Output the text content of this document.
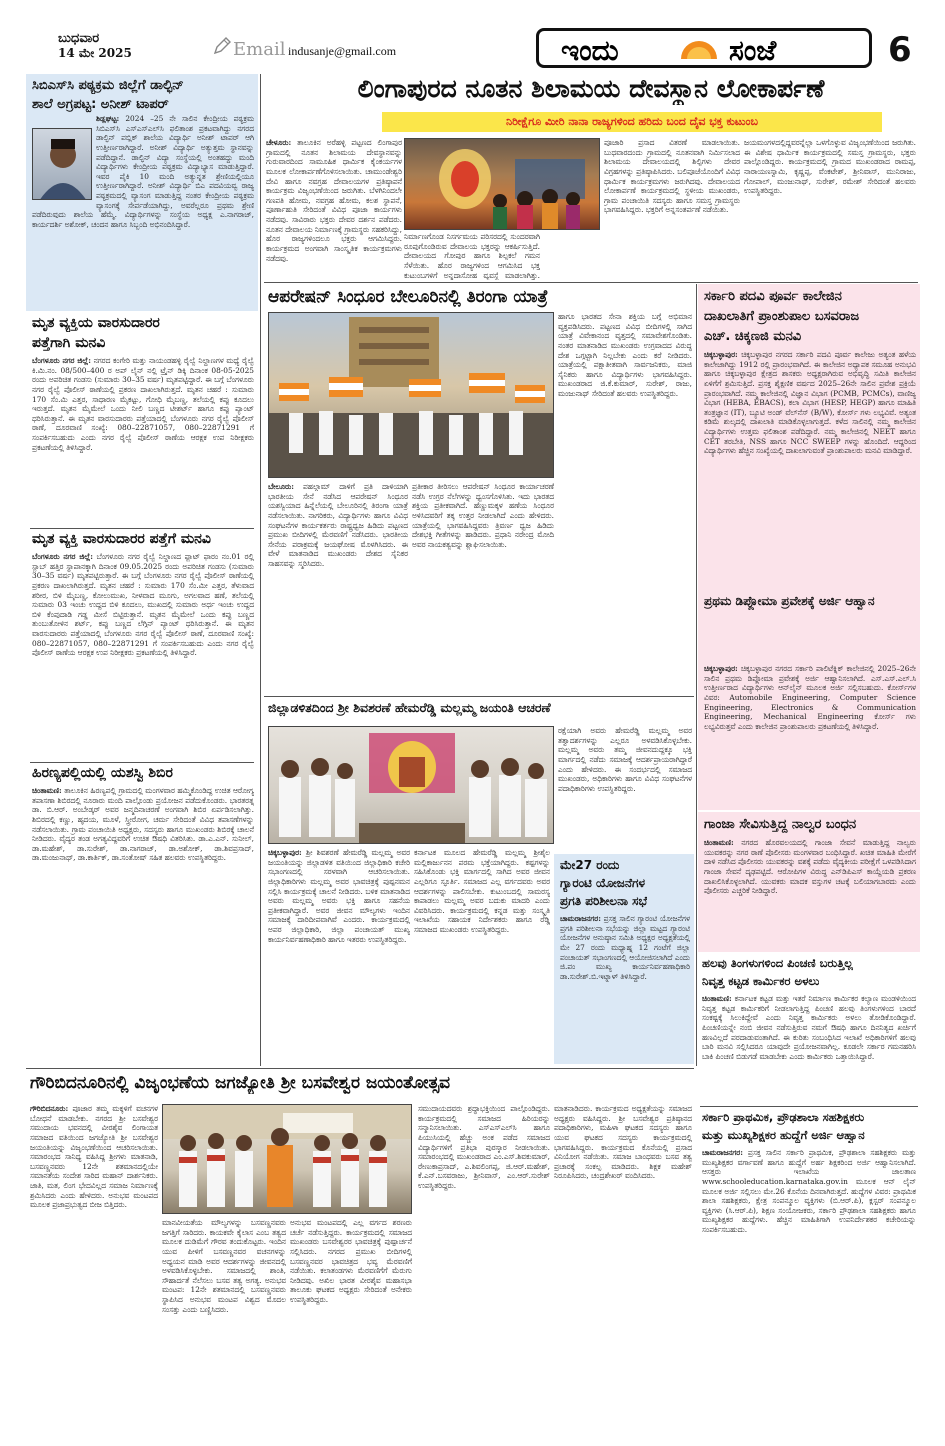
ಬುಧವಾರ
14 ಮೇ 2025	Email indusanje@gmail.com	ಇಂದು	ಸಂಜೆ	6
ಸಿಬಿಎಸ್‌ಸಿ ಪಠ್ಯಕ್ರಮ ಜಿಲ್ಲೆಗೆ ಡಾಲ್ಫಿನ್
ಶಾಲೆ ಅಗ್ರಪಟ್ಟ: ಅನೀಶ್ ಟಾಪರ್
ಶಿಡ್ಲಘಟ್ಟ: 2024 –25 ನೇ ಸಾಲಿನ ಕೇಂದ್ರೀಯ ಪಠ್ಯಕ್ರಮ ಸಿಬಿಎಸ್‌ಸಿ ಎಸ್‌ಎಸ್‌ಎಲ್‌ಸಿ ಫಲಿತಾಂಶ ಪ್ರಕಟವಾಗಿದ್ದು ನಗರದ ಡಾಲ್ಫಿನ್ ಪಬ್ಲಿಕ್ ಶಾಲೆಯ ವಿದ್ಯಾರ್ಥಿ ಅನೀಶ್ ಟಾಪರ್ ಆಗಿ ಉತ್ತೀರ್ಣರಾಗಿದ್ದಾರೆ. ಅನೀಶ್ ವಿದ್ಯಾರ್ಥಿ ಅತ್ಯುತ್ತಮ ಸ್ಥಾನವನ್ನು ಪಡೆದಿದ್ದಾನೆ. ಡಾಲ್ಫಿನ್ ವಿದ್ಯಾ ಸಂಸ್ಥೆಯಲ್ಲಿ ಅಂತಹದ್ದು ಮಂದಿ ವಿದ್ಯಾರ್ಥಿಗಳು ಕೇಂದ್ರೀಯ ಪಠ್ಯಕ್ರಮ ವಿದ್ಯಾಭ್ಯಾಸ ಮಾಡುತ್ತಿದ್ದಾರೆ. ಇವರ ಪೈಕಿ 10 ಮಂದಿ ಅತ್ಯುನ್ನತ ಶ್ರೇಣಿಯಲ್ಲಿಯೂ ಉತ್ತೀರ್ಣರಾಗಿದ್ದಾರೆ. ಅನೀಶ್ ವಿದ್ಯಾರ್ಥಿ ಬಿಎ ಪದವಿಯವ್ವ ರಾಜ್ಯ ಪಠ್ಯಕ್ರಮದಲ್ಲಿ ವ್ಯಾಸಂಗ ಮಾಡುತ್ತಿದ್ದ ನಂತರ ಕೇಂದ್ರೀಯ ಪಠ್ಯಕ್ರಮ ವ್ಯಾಸಂಗಕ್ಕೆ ಸೇರ್ಪಡೆಯಾಗಿದ್ದು, ಅವರೆಲ್ಲರೂ ಪ್ರಥಮ ಶ್ರೇಣಿ ಪಡೆದಿರುವುದು ಶಾಲೆಯ ಹೆಮ್ಮೆ. ವಿದ್ಯಾರ್ಥಿಗಳನ್ನು ಸಂಸ್ಥೆಯ ಅಧ್ಯಕ್ಷ ಎ.ನಾಗರಾಜ್, ಕಾರ್ಯದರ್ಶಿ ಅಶೋಕ್, ಚಂದನ ಹಾಗೂ ಸಿಬ್ಬಂದಿ ಅಭಿನಂದಿಸಿದ್ದಾರೆ.
ಮೃತ ವ್ಯಕ್ತಿಯ ವಾರಸುದಾರರ
ಪತ್ತೆಗಾಗಿ ಮನವಿ
ಬೆಂಗಳೂರು ನಗರ ಜಿಲ್ಲೆ: ನಗರದ ಕಂಗೇರಿ ಮತ್ತು ನಾಯಂಡಹಳ್ಳಿ ರೈಲ್ವೆ ನಿಲ್ದಾಣಗಳ ಮಧ್ಯೆ ರೈಲ್ವೆ ಕಿ.ಮಿ.ನಂ. 08/500–400 ರ ಅಪ್ ಲೈನ್ ನಲ್ಲಿ ಟ್ರೈನ್ ಡಿಕ್ಕಿ ದಿನಾಂಕ 08-05-2025 ರಂದು ಅಪರಿಚಿತ ಗಂಡಸು (ಸುಮಾರು 30–35 ವರ್ಷ) ಮೃತಪಟ್ಟಿದ್ದಾರೆ. ಈ ಬಗ್ಗೆ ಬೆಂಗಳೂರು ನಗರ ರೈಲ್ವೆ ಪೊಲೀಸ್ ಠಾಣೆಯಲ್ಲಿ ಪ್ರಕರಣ ದಾಖಲಾಗಿರುತ್ತದೆ. ಮೃತನ ಚಹರೆ : ಸುಮಾರು 170 ಸೆಂ.ಮಿ ಎತ್ತರ, ಸಾಧಾರಣ ಮೈಕಟ್ಟು, ಗೋಧಿ ಮೈಬಣ್ಣ, ತಲೆಯಲ್ಲಿ ಕಪ್ಪು ಕೂದಲು ಇರುತ್ತದೆ. ಮೃತನ ಮೈಮೇಲೆ ಒಂದು ನೀಲಿ ಬಣ್ಣದ ಟೀಶರ್ಟ್ ಹಾಗೂ ಕಪ್ಪು ಪ್ಯಾಂಟ್ ಧರಿಸಿರುತ್ತಾನೆ. ಈ ಮೃತನ ವಾರಸುದಾರರು ಪತ್ತೆಯಾದಲ್ಲಿ ಬೆಂಗಳೂರು ನಗರ ರೈಲ್ವೆ ಪೊಲೀಸ್ ಠಾಣೆ, ದೂರವಾಣಿ ಸಂಖ್ಯೆ: 080–22871057, 080–22871291 ಗೆ ಸಂಪರ್ಕಿಸಬಹುದು ಎಂದು ನಗರ ರೈಲ್ವೆ ಪೊಲೀಸ್ ಠಾಣೆಯ ಆರಕ್ಷಕ ಉಪ ನಿರೀಕ್ಷಕರು ಪ್ರಕಟಣೆಯಲ್ಲಿ ತಿಳಿಸಿದ್ದಾರೆ.
ಮೃತ ವ್ಯಕ್ತಿ ವಾರಸುದಾರರ ಪತ್ತೆಗೆ ಮನವಿ
ಬೆಂಗಳೂರು ನಗರ ಜಿಲ್ಲೆ: ಬೆಂಗಳೂರು ನಗರ ರೈಲ್ವೆ ನಿಲ್ದಾಣದ ಫ್ಲಾಟ್ ಫಾರಂ ನಂ.01 ರಲ್ಲಿ ಸ್ಲಾಬ್ ಹತ್ತಿರ ಸ್ಥಾಪಾನಕ್ಕಾಗಿ ದಿನಾಂಕ 09.05.2025 ರಂದು ಅಪರಿಚಿತ ಗಂಡಸು (ಸುಮಾರು 30–35 ವರ್ಷ) ಮೃತಪಟ್ಟಿರುತ್ತಾರೆ. ಈ ಬಗ್ಗೆ ಬೆಂಗಳೂರು ನಗರ ರೈಲ್ವೆ ಪೊಲೀಸ್ ಠಾಣೆಯಲ್ಲಿ ಪ್ರಕರಣ ದಾಖಲಾಗಿರುತ್ತದೆ. ಮೃತನ ಚಹರೆ : ಸುಮಾರು 170 ಸೆಂ.ಮೀ ಎತ್ತರ, ತೆಳುವಾದ ಶರೀರ, ಬಿಳಿ ಮೈಬಣ್ಣ, ಕೋಲುಮುಖ, ನೀಳವಾದ ಮೂಗು, ಅಗಲವಾದ ಹಣೆ, ತಲೆಯಲ್ಲಿ ಸುಮಾರು 03 ಇಂಚು ಉದ್ದದ ಬಿಳಿ ಕೂದಲು, ಮುಖದಲ್ಲಿ ಸುಮಾರು ಅರ್ಧ ಇಂಚು ಉದ್ದದ ಬಿಳಿ ಕೆಂಪುದಾಡಿ ಗಡ್ಡ ಮೀಸೆ ಬಿಟ್ಟಿರುತ್ತಾನೆ. ಮೃತನ ಮೈಮೇಲೆ ಒಂದು ಕಪ್ಪು ಬಣ್ಣದ ತುಂಬುತೋಳಿನ ಶರ್ಟ್, ಕಪ್ಪು ಬಣ್ಣದ ಲೆಗ್ಗಿನ್ ಪ್ಯಾಂಟ್ ಧರಿಸಿರುತ್ತಾನೆ. ಈ ಮೃತನ ವಾರಸುದಾರರು ಪತ್ತೆಯಾದಲ್ಲಿ ಬೆಂಗಳೂರು ನಗರ ರೈಲ್ವೆ ಪೊಲೀಸ್ ಠಾಣೆ, ದೂರವಾಣಿ ಸಂಖ್ಯೆ: 080–22871057, 080–22871291 ಗೆ ಸಂಪರ್ಕಿಸಬಹುದು ಎಂದು ನಗರ ರೈಲ್ವೆ ಪೊಲೀಸ್ ಠಾಣೆಯ ಆರಕ್ಷಕ ಉಪ ನಿರೀಕ್ಷಕರು ಪ್ರಕಟಣೆಯಲ್ಲಿ ತಿಳಿಸಿದ್ದಾರೆ.
ಹಿರಣ್ಯಪಲ್ಲಿಯಲ್ಲಿ ಯಶಸ್ವಿ ಶಿಬಿರ
ಚಿಂತಾಮಣಿ: ತಾಲೂಕಿನ ಹಿರಣ್ಯಪಲ್ಲಿ ಗ್ರಾಮದಲ್ಲಿ ಮಂಗಳವಾರ ಹಮ್ಮಿಕೊಂಡಿದ್ದ ಉಚಿತ ಆರೋಗ್ಯ ತಪಾಸಣಾ ಶಿಬಿರದಲ್ಲಿ ನೂರಾರು ಮಂದಿ ಪಾಲ್ಗೊಂಡು ಪ್ರಯೋಜನ ಪಡೆದುಕೊಂಡರು. ಭಾರತರತ್ನ ಡಾ. ಬಿ.ಆರ್. ಅಂಬೇಡ್ಕರ್ ಅವರ ಜನ್ಮದಿನಾಚರಣೆ ಅಂಗವಾಗಿ ಶಿಬಿರ ಏರ್ಪಡಿಸಲಾಗಿತ್ತು. ಶಿಬಿರದಲ್ಲಿ ಕಣ್ಣು, ಹೃದಯ, ಮೂಳೆ, ಸ್ತ್ರೀರೋಗ, ಚರ್ಮ ಸೇರಿದಂತೆ ವಿವಿಧ ತಪಾಸಣೆಗಳನ್ನು ನಡೆಸಲಾಯಿತು. ಗ್ರಾಮ ಪಂಚಾಯಿತಿ ಅಧ್ಯಕ್ಷರು, ಸದಸ್ಯರು ಹಾಗೂ ಮುಖಂಡರು ಶಿಬಿರಕ್ಕೆ ಚಾಲನೆ ನೀಡಿದರು. ವೈದ್ಯರ ತಂಡ ಅಗತ್ಯವಿದ್ದವರಿಗೆ ಉಚಿತ ಔಷಧಿ ವಿತರಿಸಿತು. ಡಾ.ಎ.ಎನ್. ಸುನೀಲ್, ಡಾ.ಮಹೇಶ್, ಡಾ.ಸುರೇಶ್, ಡಾ.ನಾಗರಾಜ್, ಡಾ.ಅಶೋಕ್, ಡಾ.ಶಿವಪ್ರಸಾದ್, ಡಾ.ಮಂಜುನಾಥ್, ಡಾ.ಕಾರ್ತಿಕ್, ಡಾ.ಸಂತೋಷ್ ಸಹಿತ ಹಲವರು ಉಪಸ್ಥಿತರಿದ್ದರು.
ಲಿಂಗಾಪುರದ ನೂತನ ಶಿಲಾಮಯ ದೇವಸ್ಥಾನ ಲೋಕಾರ್ಪಣೆ
ನಿರೀಕ್ಷೆಗೂ ಮೀರಿ ನಾನಾ ರಾಜ್ಯಗಳಿಂದ ಹರಿದು ಬಂದ ದೈವ ಭಕ್ತ ಕುಟುಂಬ
ಚೇಳೂರು: ತಾಲೂಕಿನ ಅರೆಹಳ್ಳಿ ಪಟ್ಟಣದ ಲಿಂಗಾಪುರ ಗ್ರಾಮದಲ್ಲಿ ನೂತನ ಶಿಲಾಮಯ ದೇವಸ್ಥಾನವನ್ನು ಗುರುವಾರದಿಂದ ಸಾಮೂಹಿಕ ಧಾರ್ಮಿಕ ಕೈಂಕರ್ಯಗಳ ಮೂಲಕ ಲೋಕಾರ್ಪಣೆಗೊಳಿಸಲಾಯಿತು. ಚಾಮುಂಡೇಶ್ವರಿ ದೇವಿ ಹಾಗೂ ನವಗ್ರಹ ದೇವಾಲಯಗಳ ಪ್ರತಿಷ್ಠಾಪನೆ ಕಾರ್ಯಕ್ರಮ ವಿಜೃಂಭಣೆಯಿಂದ ಜರುಗಿತು. ಬೆಳಗಿನಿಂದಲೇ ಗಣಪತಿ ಹೋಮ, ನವಗ್ರಹ ಹೋಮ, ಕಲಶ ಸ್ಥಾಪನೆ, ಪೂರ್ಣಾಹುತಿ ಸೇರಿದಂತೆ ವಿವಿಧ ಪೂಜಾ ಕಾರ್ಯಗಳು ನಡೆದವು. ಸಾವಿರಾರು ಭಕ್ತರು ದೇವರ ದರ್ಶನ ಪಡೆದರು. ನೂತನ ದೇವಾಲಯ ನಿರ್ಮಾಣಕ್ಕೆ ಗ್ರಾಮಸ್ಥರು ಸಹಕರಿಸಿದ್ದು, ಹೊರ ರಾಜ್ಯಗಳಿಂದಲೂ ಭಕ್ತರು ಆಗಮಿಸಿದ್ದರು. ಕಾರ್ಯಕ್ರಮದ ಅಂಗವಾಗಿ ಸಾಂಸ್ಕೃತಿಕ ಕಾರ್ಯಕ್ರಮಗಳು ನಡೆದವು.
ನಿರ್ಮಾಣಗೊಂಡ ನಿಸರ್ಗಮಯ ಪರಿಸರದಲ್ಲಿ ಸುಂದರವಾಗಿ ರೂಪುಗೊಂಡಿರುವ ದೇವಾಲಯ ಭಕ್ತರನ್ನು ಆಕರ್ಷಿಸುತ್ತಿದೆ. ದೇವಾಲಯದ ಗೋಪುರ ಹಾಗೂ ಶಿಲ್ಪಕಲೆ ಗಮನ ಸೆಳೆಯಿತು. ಹೊರ ರಾಜ್ಯಗಳಿಂದ ಆಗಮಿಸಿದ ಭಕ್ತ ಕುಟುಂಬಗಳಿಗೆ ಅನ್ನದಾಸೋಹ ವ್ಯವಸ್ಥೆ ಮಾಡಲಾಗಿತ್ತು.
ಪೂಜಾರಿ ಪ್ರಸಾದ ವಿತರಣೆ ಮಾಡಲಾಯಿತು. ಬುಧವಾರದಂದು ಗ್ರಾಮದಲ್ಲಿ ನೂತನವಾಗಿ ನಿರ್ಮಿಸಲಾದ ಶಿಲಾಮಯ ದೇವಾಲಯದಲ್ಲಿ ಶಿಲ್ಪಿಗಳು ದೇವರ ವಿಗ್ರಹಗಳನ್ನು ಪ್ರತಿಷ್ಠಾಪಿಸಿದರು. ಬಲಿಪೂಜೆಯೊಂದಿಗೆ ವಿವಿಧ ಧಾರ್ಮಿಕ ಕಾರ್ಯಕ್ರಮಗಳು ಜರುಗಿದವು. ದೇವಾಲಯದ ಲೋಕಾರ್ಪಣೆ ಕಾರ್ಯಕ್ರಮದಲ್ಲಿ ಸ್ಥಳೀಯ ಮುಖಂಡರು, ಗ್ರಾಮ ಪಂಚಾಯಿತಿ ಸದಸ್ಯರು ಹಾಗೂ ಸಮಸ್ತ ಗ್ರಾಮಸ್ಥರು ಭಾಗವಹಿಸಿದ್ದರು. ಭಕ್ತರಿಗೆ ಅನ್ನಸಂತರ್ಪಣೆ ನಡೆಯಿತು.
ಜಯಮಂಗಳದಲ್ಲಿದ್ದವರನ್ನೆಲ್ಲಾ ಒಳಗೊಳ್ಳುವ ವಿಜೃಂಭಣೆಯಿಂದ ಜರುಗಿತು. ಈ ವಿಶೇಷ ಧಾರ್ಮಿಕ ಕಾರ್ಯಕ್ರಮದಲ್ಲಿ ಸಮಸ್ತ ಗ್ರಾಮಸ್ಥರು, ಭಕ್ತರು ಪಾಲ್ಗೊಂಡಿದ್ದರು. ಕಾರ್ಯಕ್ರಮದಲ್ಲಿ ಗ್ರಾಮದ ಮುಖಂಡರಾದ ರಾಮಪ್ಪ, ನಾರಾಯಣಸ್ವಾಮಿ, ಕೃಷ್ಣಪ್ಪ, ವೆಂಕಟೇಶ್, ಶ್ರೀನಿವಾಸ್, ಮುನಿರಾಜು, ಗೋಪಾಲ್, ಮಂಜುನಾಥ್, ಸುರೇಶ್, ರಮೇಶ್ ಸೇರಿದಂತೆ ಹಲವರು ಉಪಸ್ಥಿತರಿದ್ದರು.
ಆಪರೇಷನ್ ಸಿಂಧೂರ ಬೇಲೂರಿನಲ್ಲಿ ತಿರಂಗಾ ಯಾತ್ರೆ
ಬೇಲೂರು: ಪಹಲ್ಗಾಮ್ ದಾಳಿಗೆ ಪ್ರತಿ ದಾಳಿಯಾಗಿ ಭಾರತೀಯ ಸೇನೆ ನಡೆಸಿದ ಆಪರೇಷನ್ ಸಿಂಧೂರ ಯಶಸ್ವಿಯಾದ ಹಿನ್ನೆಲೆಯಲ್ಲಿ ಬೇಲೂರಿನಲ್ಲಿ ತಿರಂಗಾ ಯಾತ್ರೆ ನಡೆಸಲಾಯಿತು. ನಾಗರಿಕರು, ವಿದ್ಯಾರ್ಥಿಗಳು ಹಾಗೂ ವಿವಿಧ ಸಂಘಟನೆಗಳ ಕಾರ್ಯಕರ್ತರು ರಾಷ್ಟ್ರಧ್ವಜ ಹಿಡಿದು ಪಟ್ಟಣದ ಪ್ರಮುಖ ಬೀದಿಗಳಲ್ಲಿ ಮೆರವಣಿಗೆ ನಡೆಸಿದರು. ಭಾರತೀಯ ಸೇನೆಯ ಪರಾಕ್ರಮಕ್ಕೆ ಜಯಘೋಷ ಮೊಳಗಿಸಿದರು. ಈ ವೇಳೆ ಮಾತನಾಡಿದ ಮುಖಂಡರು ದೇಶದ ಸೈನಿಕರ ಸಾಹಸವನ್ನು ಸ್ಮರಿಸಿದರು.
ಪ್ರತೀಕಾರ ತೀರಿಸಲು ಆಪರೇಷನ್ ಸಿಂಧೂರ ಕಾರ್ಯಾಚರಣೆ ನಡೆಸಿ ಉಗ್ರರ ನೆಲೆಗಳನ್ನು ಧ್ವಂಸಗೊಳಿಸಿತು. ಇದು ಭಾರತದ ಶಕ್ತಿಯ ಪ್ರತೀಕವಾಗಿದೆ. ಹೆಣ್ಣುಮಕ್ಕಳ ಹಣೆಯ ಸಿಂಧೂರ ಅಳಿಸಿದವರಿಗೆ ತಕ್ಕ ಉತ್ತರ ನೀಡಲಾಗಿದೆ ಎಂದು ಹೇಳಿದರು. ಯಾತ್ರೆಯಲ್ಲಿ ಭಾಗವಹಿಸಿದ್ದವರು ತ್ರಿವರ್ಣ ಧ್ವಜ ಹಿಡಿದು ದೇಶಭಕ್ತಿ ಗೀತೆಗಳನ್ನು ಹಾಡಿದರು. ಪ್ರಧಾನಿ ನರೇಂದ್ರ ಮೋದಿ ಅವರ ನಾಯಕತ್ವವನ್ನು ಶ್ಲಾಘಿಸಲಾಯಿತು.
ಹಾಗೂ ಭಾರತದ ಸೇನಾ ಶಕ್ತಿಯ ಬಗ್ಗೆ ಅಭಿಮಾನ ವ್ಯಕ್ತಪಡಿಸಿದರು. ಪಟ್ಟಣದ ವಿವಿಧ ಬೀದಿಗಳಲ್ಲಿ ಸಾಗಿದ ಯಾತ್ರೆ ವಿವೇಕಾನಂದ ವೃತ್ತದಲ್ಲಿ ಸಮಾವೇಶಗೊಂಡಿತು. ನಂತರ ಮಾತನಾಡಿದ ಮುಖಂಡರು ಉಗ್ರವಾದದ ವಿರುದ್ಧ ದೇಶ ಒಗ್ಗಟ್ಟಾಗಿ ನಿಲ್ಲಬೇಕು ಎಂದು ಕರೆ ನೀಡಿದರು. ಯಾತ್ರೆಯಲ್ಲಿ ಪಕ್ಷಾತೀತವಾಗಿ ಸಾರ್ವಜನಿಕರು, ಮಾಜಿ ಸೈನಿಕರು ಹಾಗೂ ವಿದ್ಯಾರ್ಥಿಗಳು ಭಾಗವಹಿಸಿದ್ದರು. ಮುಖಂಡರಾದ ಜಿ.ಕೆ.ಕುಮಾರ್, ಸುರೇಶ್, ರಾಜು, ಮಂಜುನಾಥ್ ಸೇರಿದಂತೆ ಹಲವರು ಉಪಸ್ಥಿತರಿದ್ದರು.
ಜಿಲ್ಲಾಡಳಿತದಿಂದ ಶ್ರೀ ಶಿವಶರಣೆ ಹೇಮರೆಡ್ಡಿ ಮಲ್ಲಮ್ಮ ಜಯಂತಿ ಆಚರಣೆ
ರಕ್ಷೆಯಾಗಿ ಅವರು ಹೇಮರೆಡ್ಡಿ ಮಲ್ಲಮ್ಮ ಅವರ ತತ್ವಾದರ್ಶಗಳನ್ನು ಎಲ್ಲರೂ ಅಳವಡಿಸಿಕೊಳ್ಳಬೇಕು. ಮಲ್ಲಮ್ಮ ಅವರು ತಮ್ಮ ಜೀವನದುದ್ದಕ್ಕೂ ಭಕ್ತಿ ಮಾರ್ಗದಲ್ಲಿ ನಡೆದು ಸಮಾಜಕ್ಕೆ ಆದರ್ಶಪ್ರಾಯರಾಗಿದ್ದಾರೆ ಎಂದು ಹೇಳಿದರು. ಈ ಸಂದರ್ಭದಲ್ಲಿ ಸಮಾಜದ ಮುಖಂಡರು, ಅಧಿಕಾರಿಗಳು ಹಾಗೂ ವಿವಿಧ ಸಂಘಟನೆಗಳ ಪದಾಧಿಕಾರಿಗಳು ಉಪಸ್ಥಿತರಿದ್ದರು.
ಚಿಕ್ಕಬಳ್ಳಾಪುರ: ಶ್ರೀ ಶಿವಶರಣೆ ಹೇಮರೆಡ್ಡಿ ಮಲ್ಲಮ್ಮ ಅವರ ಜಯಂತಿಯನ್ನು ಜಿಲ್ಲಾಡಳಿತ ವತಿಯಿಂದ ಜಿಲ್ಲಾಧಿಕಾರಿ ಕಚೇರಿ ಸಭಾಂಗಣದಲ್ಲಿ ಸರಳವಾಗಿ ಆಚರಿಸಲಾಯಿತು. ಜಿಲ್ಲಾಧಿಕಾರಿಗಳು ಮಲ್ಲಮ್ಮ ಅವರ ಭಾವಚಿತ್ರಕ್ಕೆ ಪುಷ್ಪನಮನ ಸಲ್ಲಿಸಿ ಕಾರ್ಯಕ್ರಮಕ್ಕೆ ಚಾಲನೆ ನೀಡಿದರು. ಬಳಿಕ ಮಾತನಾಡಿದ ಅವರು ಮಲ್ಲಮ್ಮ ಅವರು ಭಕ್ತಿ ಹಾಗೂ ಸಹನೆಯ ಪ್ರತೀಕವಾಗಿದ್ದಾರೆ. ಅವರ ಜೀವನ ಮೌಲ್ಯಗಳು ಇಂದಿನ ಸಮಾಜಕ್ಕೆ ದಾರಿದೀಪವಾಗಿವೆ ಎಂದರು. ಕಾರ್ಯಕ್ರಮದಲ್ಲಿ ಅಪರ ಜಿಲ್ಲಾಧಿಕಾರಿ, ಜಿಲ್ಲಾ ಪಂಚಾಯತ್ ಮುಖ್ಯ ಕಾರ್ಯನಿರ್ವಹಣಾಧಿಕಾರಿ ಹಾಗೂ ಇತರರು ಉಪಸ್ಥಿತರಿದ್ದರು.
ಕರ್ನಾಟಕ ಮೂಲದ ಹೇಮರೆಡ್ಡಿ ಮಲ್ಲಮ್ಮ ಶ್ರೀಶೈಲ ಮಲ್ಲಿಕಾರ್ಜುನನ ಪರಮ ಭಕ್ತೆಯಾಗಿದ್ದರು. ಕಷ್ಟಗಳನ್ನು ಸಹಿಸಿಕೊಂಡು ಭಕ್ತಿ ಮಾರ್ಗದಲ್ಲಿ ಸಾಗಿದ ಅವರ ಜೀವನ ಎಲ್ಲರಿಗೂ ಸ್ಫೂರ್ತಿ. ಸಮಾಜದ ಎಲ್ಲ ವರ್ಗದವರು ಅವರ ಆದರ್ಶಗಳನ್ನು ಪಾಲಿಸಬೇಕು. ಕುಟುಂಬದಲ್ಲಿ ಸಾಮರಸ್ಯ ಕಾಪಾಡಲು ಮಲ್ಲಮ್ಮ ಅವರ ಬದುಕು ಮಾದರಿ ಎಂದು ವಿವರಿಸಿದರು. ಕಾರ್ಯಕ್ರಮದಲ್ಲಿ ಕನ್ನಡ ಮತ್ತು ಸಂಸ್ಕೃತಿ ಇಲಾಖೆಯ ಸಹಾಯಕ ನಿರ್ದೇಶಕರು ಹಾಗೂ ರೆಡ್ಡಿ ಸಮಾಜದ ಮುಖಂಡರು ಉಪಸ್ಥಿತರಿದ್ದರು.
ಮೇ27 ರಂದು
ಗ್ಯಾರಂಟಿ ಯೋಜನೆಗಳ
ಪ್ರಗತಿ ಪರಿಶೀಲನಾ ಸಭೆ
ಚಾಮರಾಜನಗರ: ಪ್ರಸಕ್ತ ಸಾಲಿನ ಗ್ಯಾರಂಟಿ ಯೋಜನೆಗಳ ಪ್ರಗತಿ ಪರಿಶೀಲನಾ ಸಭೆಯನ್ನು ಜಿಲ್ಲಾ ಮಟ್ಟದ ಗ್ಯಾರಂಟಿ ಯೋಜನೆಗಳ ಅನುಷ್ಠಾನ ಸಮಿತಿ ಅಧ್ಯಕ್ಷರ ಅಧ್ಯಕ್ಷತೆಯಲ್ಲಿ ಮೇ 27 ರಂದು ಮಧ್ಯಾಹ್ನ 12 ಗಂಟೆಗೆ ಜಿಲ್ಲಾ ಪಂಚಾಯತ್ ಸಭಾಂಗಣದಲ್ಲಿ ಆಯೋಜಿಸಲಾಗಿದೆ ಎಂದು ಜಿ.ಪಂ ಮುಖ್ಯ ಕಾರ್ಯನಿರ್ವಹಣಾಧಿಕಾರಿ ಡಾ.ಸುರೇಶ್.ಬಿ.ಇಟ್ನಾಳ್ ತಿಳಿಸಿದ್ದಾರೆ.
ಸರ್ಕಾರಿ ಪದವಿ ಪೂರ್ವ ಕಾಲೇಜಿನ
ದಾಖಲಾತಿಗೆ ಪ್ರಾಂಶುಪಾಲ ಬಸವರಾಜ
ಎಚ್. ಚಿಕ್ಕಣಜಿ ಮನವಿ
ಚಿಕ್ಕಬಳ್ಳಾಪುರ: ಚಿಕ್ಕಬಳ್ಳಾಪುರ ನಗರದ ಸರ್ಕಾರಿ ಪದವಿ ಪೂರ್ವ ಕಾಲೇಜು ಅತ್ಯಂತ ಹಳೆಯ ಕಾಲೇಜಾಗಿದ್ದು 1912 ರಲ್ಲಿ ಪ್ರಾರಂಭವಾಗಿದೆ. ಈ ಕಾಲೇಜಿನ ಅಧ್ಯಾಪಕ ಸಮೂಹ ಅನುಭವಿ ಹಾಗೂ ಚಿಕ್ಕಬಳ್ಳಾಪುರ ಕ್ಷೇತ್ರದ ಶಾಸಕರು ಅಧ್ಯಕ್ಷರಾಗಿರುವ ಅಭಿವೃದ್ಧಿ ಸಮಿತಿ ಕಾಲೇಜಿನ ಏಳಿಗೆಗೆ ಶ್ರಮಿಸುತ್ತಿದೆ. ಪ್ರಸಕ್ತ ಶೈಕ್ಷಣಿಕ ವರ್ಷದ 2025–26ನೇ ಸಾಲಿನ ಪ್ರವೇಶ ಪ್ರಕ್ರಿಯೆ ಪ್ರಾರಂಭವಾಗಿದೆ. ನಮ್ಮ ಕಾಲೇಜಿನಲ್ಲಿ ವಿಜ್ಞಾನ ವಿಭಾಗ (PCMB, PCMCs), ವಾಣಿಜ್ಯ ವಿಭಾಗ (HEBA, EBACS), ಕಲಾ ವಿಭಾಗ (HESP, HEGP) ಹಾಗೂ ಮಾಹಿತಿ ತಂತ್ರಜ್ಞಾನ (IT), ಬ್ಯೂಟಿ ಅಂಡ್ ವೆಲ್‌ನೆಸ್ (B/W), ಕೋರ್ಸ್ ಗಳು ಲಭ್ಯವಿವೆ. ಅತ್ಯಂತ ಕಡಿಮೆ ಶುಲ್ಕದಲ್ಲಿ ದಾಖಲಾತಿ ಮಾಡಿಕೊಳ್ಳಲಾಗುತ್ತದೆ. ಕಳೆದ ಸಾಲಿನಲ್ಲಿ ನಮ್ಮ ಕಾಲೇಜಿನ ವಿದ್ಯಾರ್ಥಿಗಳು ಉತ್ತಮ ಫಲಿತಾಂಶ ಪಡೆದಿದ್ದಾರೆ. ನಮ್ಮ ಕಾಲೇಜಿನಲ್ಲಿ NEET ಹಾಗೂ CET ತರಬೇತಿ, NSS ಹಾಗೂ NCC SWEEP ಗಳನ್ನು ಹೊಂದಿದೆ. ಆದ್ದರಿಂದ ವಿದ್ಯಾರ್ಥಿಗಳು ಹೆಚ್ಚಿನ ಸಂಖ್ಯೆಯಲ್ಲಿ ದಾಖಲಾಗುವಂತೆ ಪ್ರಾಂಶುಪಾಲರು ಮನವಿ ಮಾಡಿದ್ದಾರೆ.
ಪ್ರಥಮ ಡಿಪ್ಲೋಮಾ ಪ್ರವೇಶಕ್ಕೆ ಅರ್ಜಿ ಆಹ್ವಾನ
ಚಿಕ್ಕಬಳ್ಳಾಪುರ: ಚಿಕ್ಕಬಳ್ಳಾಪುರ ನಗರದ ಸರ್ಕಾರಿ ಪಾಲಿಟೆಕ್ನಿಕ್ ಕಾಲೇಜಿನಲ್ಲಿ 2025–26ನೇ ಸಾಲಿನ ಪ್ರಥಮ ಡಿಪ್ಲೋಮಾ ಪ್ರವೇಶಕ್ಕೆ ಅರ್ಜಿ ಆಹ್ವಾನಿಸಲಾಗಿದೆ. ಎಸ್.ಎಸ್.ಎಲ್.ಸಿ ಉತ್ತೀರ್ಣರಾದ ವಿದ್ಯಾರ್ಥಿಗಳು ಆನ್‌ಲೈನ್ ಮೂಲಕ ಅರ್ಜಿ ಸಲ್ಲಿಸಬಹುದು. ಕೋರ್ಸ್‌ಗಳ ವಿವರ: Automobile Engineering, Computer Science Engineering, Electronics & Communication Engineering, Mechanical Engineering ಕೋರ್ಸ್ ಗಳು ಲಭ್ಯವಿರುತ್ತವೆ ಎಂದು ಕಾಲೇಜಿನ ಪ್ರಾಂಶುಪಾಲರು ಪ್ರಕಟಣೆಯಲ್ಲಿ ತಿಳಿಸಿದ್ದಾರೆ.
ಗಾಂಜಾ ಸೇವಿಸುತ್ತಿದ್ದ ನಾಲ್ವರ ಬಂಧನ
ಚಿಂತಾಮಣಿ: ನಗರದ ಹೊರವಲಯದಲ್ಲಿ ಗಾಂಜಾ ಸೇವನೆ ಮಾಡುತ್ತಿದ್ದ ನಾಲ್ವರು ಯುವಕರನ್ನು ನಗರ ಠಾಣೆ ಪೊಲೀಸರು ಮಂಗಳವಾರ ಬಂಧಿಸಿದ್ದಾರೆ. ಖಚಿತ ಮಾಹಿತಿ ಮೇರೆಗೆ ದಾಳಿ ನಡೆಸಿದ ಪೊಲೀಸರು ಯುವಕರನ್ನು ವಶಕ್ಕೆ ಪಡೆದು ವೈದ್ಯಕೀಯ ಪರೀಕ್ಷೆಗೆ ಒಳಪಡಿಸಿದಾಗ ಗಾಂಜಾ ಸೇವನೆ ದೃಢಪಟ್ಟಿದೆ. ಆರೋಪಿಗಳ ವಿರುದ್ಧ ಎನ್‌ಡಿಪಿಎಸ್ ಕಾಯ್ದೆಯಡಿ ಪ್ರಕರಣ ದಾಖಲಿಸಿಕೊಳ್ಳಲಾಗಿದೆ. ಯುವಕರು ಮಾದಕ ವಸ್ತುಗಳ ಚಟಕ್ಕೆ ಬಲಿಯಾಗಬಾರದು ಎಂದು ಪೊಲೀಸರು ಎಚ್ಚರಿಕೆ ನೀಡಿದ್ದಾರೆ.
ಹಲವು ತಿಂಗಳುಗಳಿಂದ ಪಿಂಚಣಿ ಬರುತ್ತಿಲ್ಲ
ನಿವೃತ್ತ ಕಟ್ಟಡ ಕಾರ್ಮಿಕರ ಅಳಲು
ಚಿಂತಾಮಣಿ: ಕರ್ನಾಟಕ ಕಟ್ಟಡ ಮತ್ತು ಇತರೆ ನಿರ್ಮಾಣ ಕಾರ್ಮಿಕರ ಕಲ್ಯಾಣ ಮಂಡಳಿಯಿಂದ ನಿವೃತ್ತ ಕಟ್ಟಡ ಕಾರ್ಮಿಕರಿಗೆ ನೀಡಲಾಗುತ್ತಿದ್ದ ಪಿಂಚಣಿ ಹಲವು ತಿಂಗಳುಗಳಿಂದ ಬಾರದೆ ಸಂಕಷ್ಟಕ್ಕೆ ಸಿಲುಕಿದ್ದೇವೆ ಎಂದು ನಿವೃತ್ತ ಕಾರ್ಮಿಕರು ಅಳಲು ತೋಡಿಕೊಂಡಿದ್ದಾರೆ. ಪಿಂಚಣಿಯನ್ನೇ ನಂಬಿ ಜೀವನ ನಡೆಸುತ್ತಿರುವ ನಮಗೆ ಔಷಧಿ ಹಾಗೂ ದಿನನಿತ್ಯದ ಖರ್ಚಿಗೆ ಹಣವಿಲ್ಲದೆ ಪರದಾಡುವಂತಾಗಿದೆ. ಈ ಕುರಿತು ಸಂಬಂಧಿಸಿದ ಇಲಾಖೆ ಅಧಿಕಾರಿಗಳಿಗೆ ಹಲವು ಬಾರಿ ಮನವಿ ಸಲ್ಲಿಸಿದರೂ ಯಾವುದೇ ಪ್ರಯೋಜನವಾಗಿಲ್ಲ. ಕೂಡಲೇ ಸರ್ಕಾರ ಗಮನಹರಿಸಿ ಬಾಕಿ ಪಿಂಚಣಿ ಬಿಡುಗಡೆ ಮಾಡಬೇಕು ಎಂದು ಕಾರ್ಮಿಕರು ಒತ್ತಾಯಿಸಿದ್ದಾರೆ.
ಸರ್ಕಾರಿ ಪ್ರಾಥಮಿಕ, ಪ್ರೌಢಶಾಲಾ ಸಹಶಿಕ್ಷಕರು
ಮತ್ತು ಮುಖ್ಯಶಿಕ್ಷಕರ ಹುದ್ದೆಗೆ ಅರ್ಜಿ ಆಹ್ವಾನ
ಚಾಮರಾಜನಗರ: ಪ್ರಸಕ್ತ ಸಾಲಿನ ಸರ್ಕಾರಿ ಪ್ರಾಥಮಿಕ, ಪ್ರೌಢಶಾಲಾ ಸಹಶಿಕ್ಷಕರು ಮತ್ತು ಮುಖ್ಯಶಿಕ್ಷಕರ ವರ್ಗಾವಣೆ ಹಾಗೂ ಹುದ್ದೆಗೆ ಅರ್ಹ ಶಿಕ್ಷಕರಿಂದ ಅರ್ಜಿ ಆಹ್ವಾನಿಸಲಾಗಿದೆ. ಆಸಕ್ತರು ಇಲಾಖೆಯ ಜಾಲತಾಣ www.schooleducation.karnataka.gov.in ಮೂಲಕ ಆನ್ ಲೈನ್ ಮೂಲಕ ಅರ್ಜಿ ಸಲ್ಲಿಸಲು ಮೇ.26 ಕೊನೆಯ ದಿನವಾಗಿರುತ್ತದೆ. ಹುದ್ದೆಗಳ ವಿವರ: ಪ್ರಾಥಮಿಕ ಶಾಲಾ ಸಹಶಿಕ್ಷಕರು, ಕ್ಷೇತ್ರ ಸಂಪನ್ಮೂಲ ವ್ಯಕ್ತಿಗಳು (ಬಿ.ಆರ್.ಪಿ), ಕ್ಲಸ್ಟರ್ ಸಂಪನ್ಮೂಲ ವ್ಯಕ್ತಿಗಳು (ಸಿ.ಆರ್.ಪಿ), ಶಿಕ್ಷಣ ಸಂಯೋಜಕರು, ಸರ್ಕಾರಿ ಪ್ರೌಢಶಾಲಾ ಸಹಶಿಕ್ಷಕರು ಹಾಗೂ ಮುಖ್ಯಶಿಕ್ಷಕರ ಹುದ್ದೆಗಳು. ಹೆಚ್ಚಿನ ಮಾಹಿತಿಗಾಗಿ ಉಪನಿರ್ದೇಶಕರ ಕಚೇರಿಯನ್ನು ಸಂಪರ್ಕಿಸಬಹುದು.
ಗೌರಿಬಿದನೂರಿನಲ್ಲಿ ವಿಜೃಂಭಣೆಯ ಜಗಜ್ಯೋತಿ ಶ್ರೀ ಬಸವೇಶ್ವರ ಜಯಂತೋತ್ಸವ
ಗೌರಿಬಿದನೂರು: ಪೂಜಾರ ತಮ್ಮ ಮಕ್ಕಳಿಗೆ ವಚನಗಳ ಬೋಧನೆ ಮಾಡಬೇಕು. ನಗರದ ಶ್ರೀ ಬಸವೇಶ್ವರ ಸಮುದಾಯ ಭವನದಲ್ಲಿ ವೀರಶೈವ ಲಿಂಗಾಯತ ಸಮಾಜದ ವತಿಯಿಂದ ಜಗಜ್ಯೋತಿ ಶ್ರೀ ಬಸವೇಶ್ವರ ಜಯಂತಿಯನ್ನು ವಿಜೃಂಭಣೆಯಿಂದ ಆಚರಿಸಲಾಯಿತು. ಸಮಾರಂಭದ ಸಾನಿಧ್ಯ ವಹಿಸಿದ್ದ ಶ್ರೀಗಳು ಮಾತನಾಡಿ, ಬಸವಣ್ಣನವರು 12ನೇ ಶತಮಾನದಲ್ಲಿಯೇ ಸಮಾನತೆಯ ಸಂದೇಶ ಸಾರಿದ ಮಹಾನ್ ದಾರ್ಶನಿಕರು. ಜಾತಿ, ಮತ, ಲಿಂಗ ಭೇದವಿಲ್ಲದ ಸಮಾಜ ನಿರ್ಮಾಣಕ್ಕೆ ಶ್ರಮಿಸಿದರು ಎಂದು ಹೇಳಿದರು. ಅನುಭವ ಮಂಟಪದ ಮೂಲಕ ಪ್ರಜಾಪ್ರಭುತ್ವದ ಬೀಜ ಬಿತ್ತಿದರು.
ಮಾನವೀಯತೆಯ ಮೌಲ್ಯಗಳನ್ನು ಬಸವಣ್ಣನವರು ಜಗತ್ತಿಗೆ ಸಾರಿದರು. ಕಾಯಕವೇ ಕೈಲಾಸ ಎಂಬ ತತ್ವದ ಮೂಲಕ ದುಡಿಮೆಗೆ ಗೌರವ ತಂದುಕೊಟ್ಟರು. ಇಂದಿನ ಯುವ ಪೀಳಿಗೆ ಬಸವಣ್ಣನವರ ವಚನಗಳನ್ನು ಅಧ್ಯಯನ ಮಾಡಿ ಅವರ ಆದರ್ಶಗಳನ್ನು ಜೀವನದಲ್ಲಿ ಅಳವಡಿಸಿಕೊಳ್ಳಬೇಕು. ಸಮಾಜದಲ್ಲಿ ಶಾಂತಿ, ಸೌಹಾರ್ದತೆ ನೆಲೆಸಲು ಬಸವ ತತ್ವ ಅಗತ್ಯ. ಅನುಭವ ಮಂಟಪ: 12ನೇ ಶತಮಾನದಲ್ಲಿ ಬಸವಣ್ಣನವರು ಸ್ಥಾಪಿಸಿದ ಅನುಭವ ಮಂಟಪ ವಿಶ್ವದ ಮೊದಲ ಸಂಸತ್ತು ಎಂದು ಬಣ್ಣಿಸಿದರು.
ಅನುಭವ ಮಂಟಪದಲ್ಲಿ ಎಲ್ಲ ವರ್ಗದ ಶರಣರು ಚರ್ಚೆ ನಡೆಸುತ್ತಿದ್ದರು. ಕಾರ್ಯಕ್ರಮದಲ್ಲಿ ಸಮಾಜದ ಮುಖಂಡರು ಬಸವೇಶ್ವರರ ಭಾವಚಿತ್ರಕ್ಕೆ ಪುಷ್ಪಾರ್ಚನೆ ಸಲ್ಲಿಸಿದರು. ನಗರದ ಪ್ರಮುಖ ಬೀದಿಗಳಲ್ಲಿ ಬಸವಣ್ಣನವರ ಭಾವಚಿತ್ರದ ಭವ್ಯ ಮೆರವಣಿಗೆ ನಡೆಯಿತು. ಕಲಾತಂಡಗಳು ಮೆರವಣಿಗೆಗೆ ಮೆರುಗು ನೀಡಿದವು. ಅಖಿಲ ಭಾರತ ವೀರಶೈವ ಮಹಾಸಭಾ ತಾಲೂಕು ಘಟಕದ ಅಧ್ಯಕ್ಷರು ಸೇರಿದಂತೆ ಅನೇಕರು ಉಪಸ್ಥಿತರಿದ್ದರು.
ಸಮುದಾಯದವರು ಶ್ರದ್ಧಾಭಕ್ತಿಯಿಂದ ಪಾಲ್ಗೊಂಡಿದ್ದರು. ಕಾರ್ಯಕ್ರಮದಲ್ಲಿ ಸಮಾಜದ ಹಿರಿಯರನ್ನು ಸನ್ಮಾನಿಸಲಾಯಿತು. ಎಸ್ಎಸ್ಎಲ್‌ಸಿ ಹಾಗೂ ಪಿಯುಸಿಯಲ್ಲಿ ಹೆಚ್ಚು ಅಂಕ ಪಡೆದ ಸಮಾಜದ ವಿದ್ಯಾರ್ಥಿಗಳಿಗೆ ಪ್ರತಿಭಾ ಪುರಸ್ಕಾರ ನೀಡಲಾಯಿತು. ಸಮಾರಂಭದಲ್ಲಿ ಮುಖಂಡರಾದ ಎಂ.ಎಸ್.ಶಿವಕುಮಾರ್, ರೇಣುಕಾಪ್ರಸಾದ್, ಎ.ಶಿವಲಿಂಗಪ್ಪ, ಜಿ.ಆರ್.ಮಹೇಶ್, ಕೆ.ಎನ್.ಬಸವರಾಜು, ಶ್ರೀನಿವಾಸ್, ಎಂ.ಆರ್.ಸುರೇಶ್ ಉಪಸ್ಥಿತರಿದ್ದರು.
ಮಾತನಾಡಿದರು. ಕಾರ್ಯಕ್ರಮದ ಅಧ್ಯಕ್ಷತೆಯನ್ನು ಸಮಾಜದ ಅಧ್ಯಕ್ಷರು ವಹಿಸಿದ್ದರು. ಶ್ರೀ ಬಸವೇಶ್ವರ ಪ್ರತಿಷ್ಠಾನದ ಪದಾಧಿಕಾರಿಗಳು, ಮಹಿಳಾ ಘಟಕದ ಸದಸ್ಯರು ಹಾಗೂ ಯುವ ಘಟಕದ ಸದಸ್ಯರು ಕಾರ್ಯಕ್ರಮದಲ್ಲಿ ಭಾಗವಹಿಸಿದ್ದರು. ಕಾರ್ಯಕ್ರಮದ ಕೊನೆಯಲ್ಲಿ ಪ್ರಸಾದ ವಿನಿಯೋಗ ನಡೆಯಿತು. ಸಮಾಜ ಬಾಂಧವರು ಬಸವ ತತ್ವ ಪ್ರಚಾರಕ್ಕೆ ಸಂಕಲ್ಪ ಮಾಡಿದರು. ಶಿಕ್ಷಕ ಮಹೇಶ್ ನಿರೂಪಿಸಿದರು, ಚಂದ್ರಶೇಖರ್ ವಂದಿಸಿದರು.
